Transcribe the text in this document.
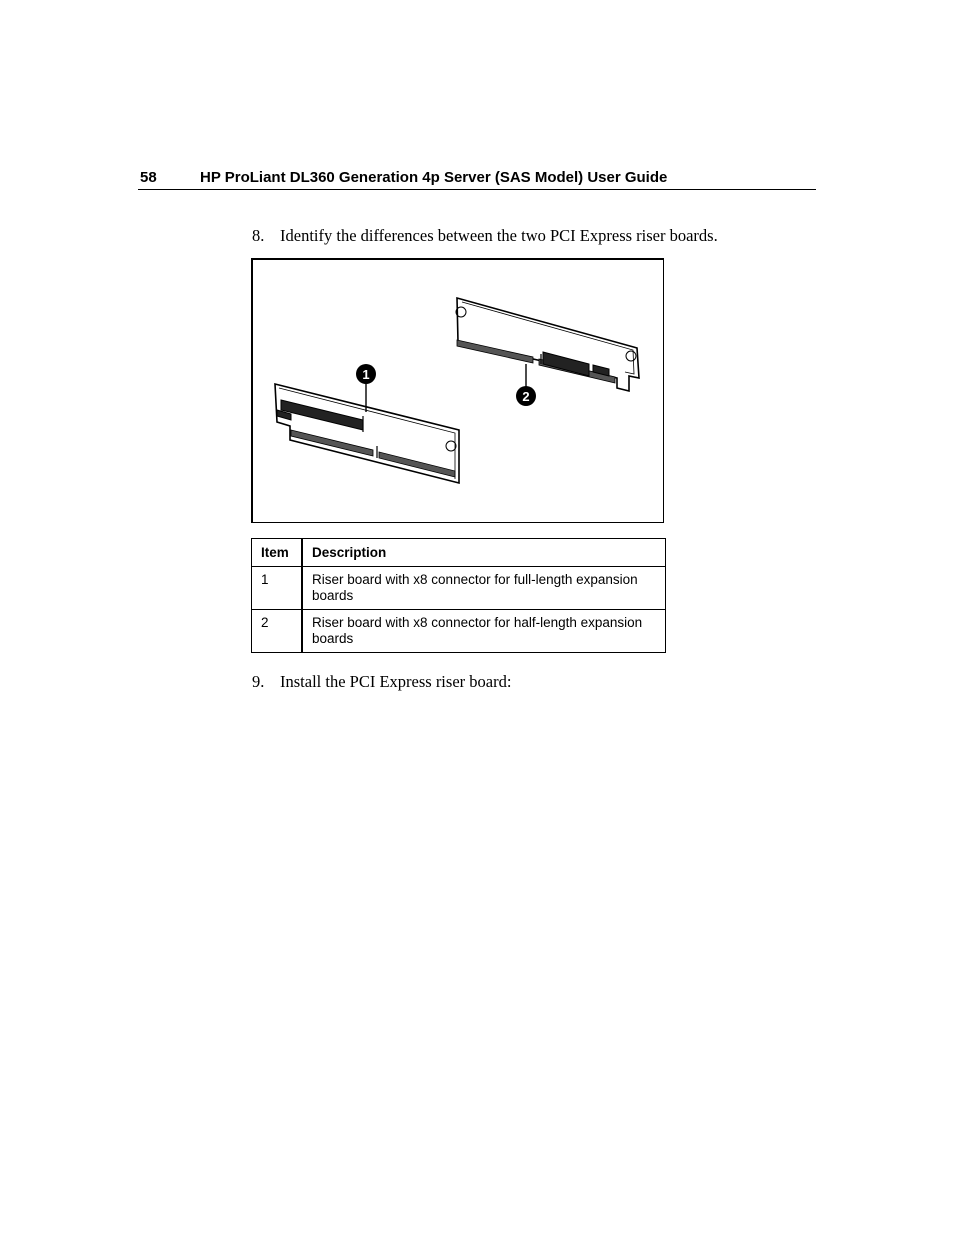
58	HP ProLiant DL360 Generation 4p Server (SAS Model) User Guide
8. Identify the differences between the two PCI Express riser boards.
2
1
Item	Description
1	Riser board with x8 connector for full-length expansion boards
2	Riser board with x8 connector for half-length expansion boards
9. Install the PCI Express riser board:
